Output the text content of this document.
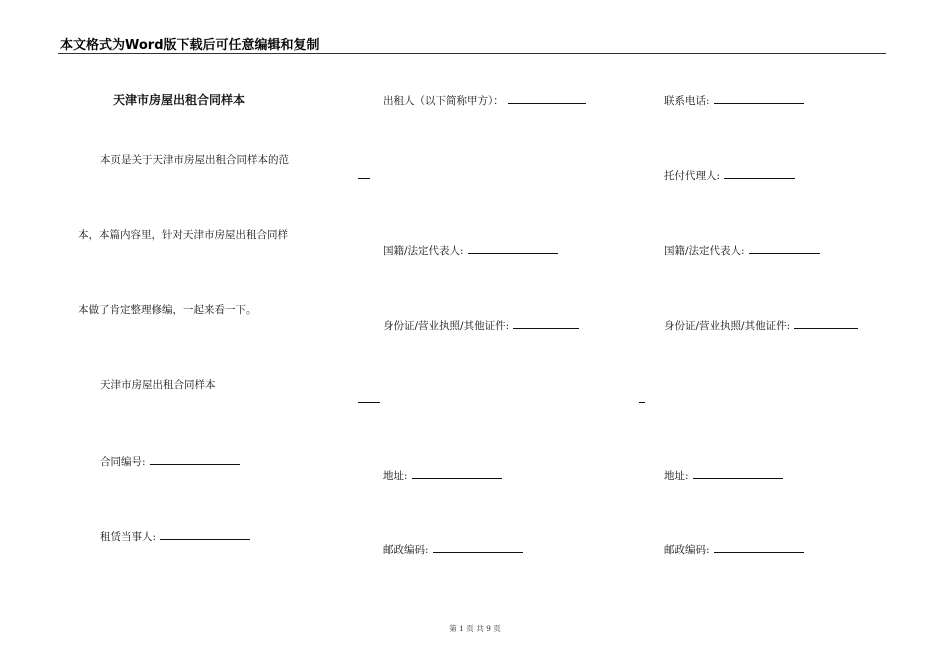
本文格式为Word版下载后可任意编辑和复制
天津市房屋出租合同样本
本页是关于天津市房屋出租合同样本的范
本，本篇内容里，针对天津市房屋出租合同样
本做了肯定整理修编，一起来看一下。
天津市房屋出租合同样本
合同编号:
租赁当事人:
出租人（以下简称甲方）：
国籍/法定代表人:
身份证/营业执照/其他证件:
地址:
邮政编码:
联系电话:
托付代理人:
国籍/法定代表人:
身份证/营业执照/其他证件:
地址:
邮政编码:
第 1 页 共 9 页
